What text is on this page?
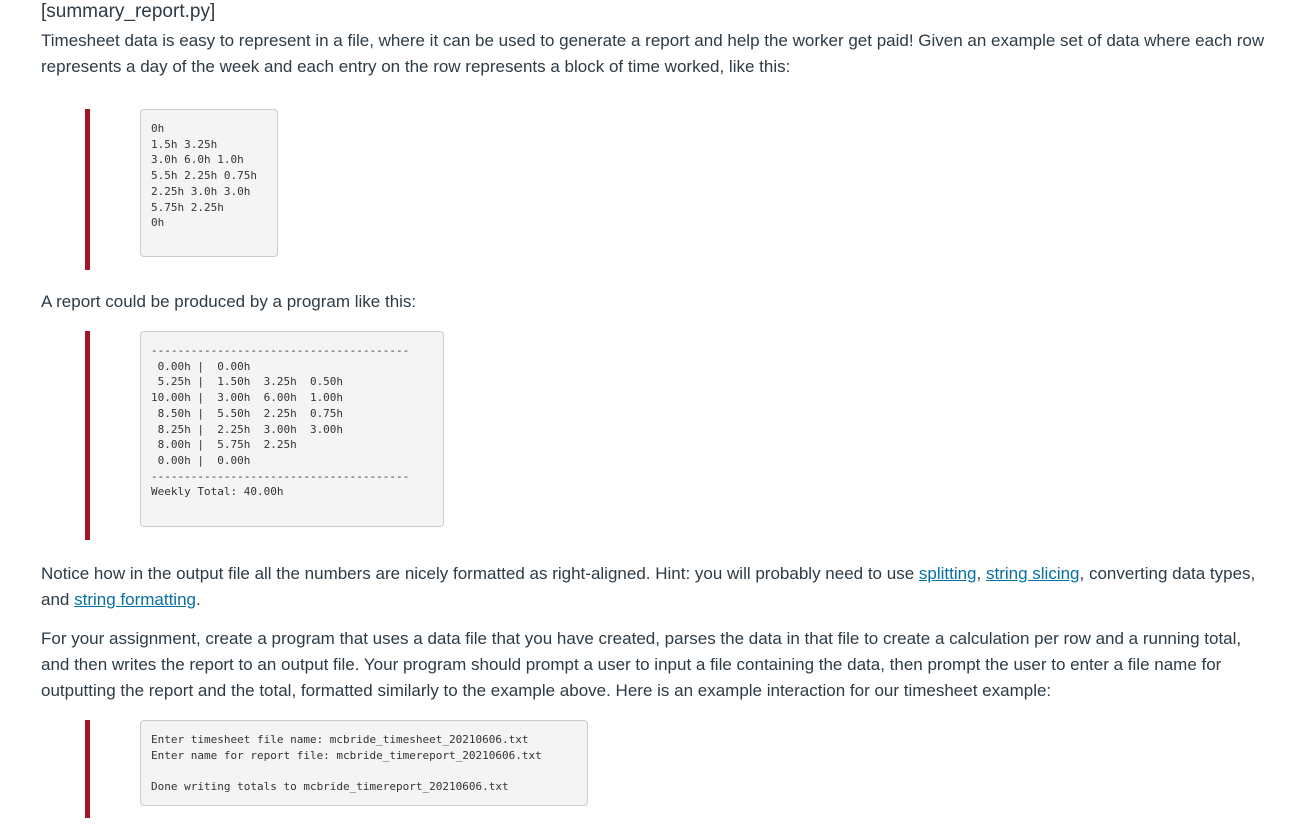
[summary_report.py]

Timesheet data is easy to represent in a file, where it can be used to generate a report and help the worker get paid! Given an example set of data where each row represents a day of the week and each entry on the row represents a block of time worked, like this:

0h
1.5h 3.25h
3.0h 6.0h 1.0h
5.5h 2.25h 0.75h
2.25h 3.0h 3.0h
5.75h 2.25h
0h

A report could be produced by a program like this:

---------------------------------------
0.00h |  0.00h
5.25h |  1.50h  3.25h  0.50h
10.00h |  3.00h  6.00h  1.00h
8.50h |  5.50h  2.25h  0.75h
8.25h |  2.25h  3.00h  3.00h
8.00h |  5.75h  2.25h
0.00h |  0.00h
---------------------------------------
Weekly Total: 40.00h

Notice how in the output file all the numbers are nicely formatted as right-aligned. Hint: you will probably need to use splitting, string slicing, converting data types, and string formatting.

For your assignment, create a program that uses a data file that you have created, parses the data in that file to create a calculation per row and a running total, and then writes the report to an output file. Your program should prompt a user to input a file containing the data, then prompt the user to enter a file name for outputting the report and the total, formatted similarly to the example above. Here is an example interaction for our timesheet example:

Enter timesheet file name: mcbride_timesheet_20210606.txt
Enter name for report file: mcbride_timereport_20210606.txt

Done writing totals to mcbride_timereport_20210606.txt
